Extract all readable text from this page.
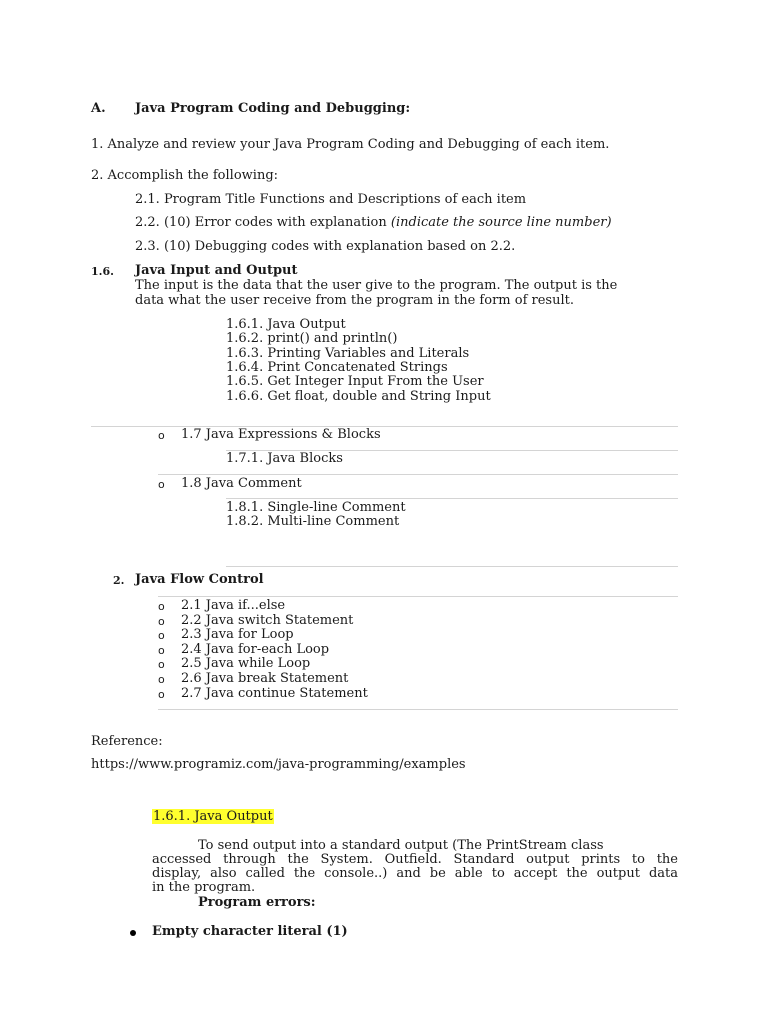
A. Java Program Coding and Debugging:
1. Analyze and review your Java Program Coding and Debugging of each item.
2. Accomplish the following:
2.1. Program Title Functions and Descriptions of each item
2.2. (10) Error codes with explanation (indicate the source line number)
2.3. (10) Debugging codes with explanation based on 2.2.
1.6. Java Input and Output
The input is the data that the user give to the program. The output is the
data what the user receive from the program in the form of result.
1.6.1. Java Output
1.6.2. print() and println()
1.6.3. Printing Variables and Literals
1.6.4. Print Concatenated Strings
1.6.5. Get Integer Input From the User
1.6.6. Get float, double and String Input
o 1.7 Java Expressions & Blocks
1.7.1. Java Blocks
o 1.8 Java Comment
1.8.1. Single-line Comment
1.8.2. Multi-line Comment
2. Java Flow Control
o 2.1 Java if...else
o 2.2 Java switch Statement
o 2.3 Java for Loop
o 2.4 Java for-each Loop
o 2.5 Java while Loop
o 2.6 Java break Statement
o 2.7 Java continue Statement
Reference:
https://www.programiz.com/java-programming/examples
1.6.1. Java Output
To send output into a standard output (The PrintStream class
accessed through the System. Outfield. Standard output prints to the
display, also called the console..) and be able to accept the output data
in the program.
Program errors:
Empty character literal (1)
